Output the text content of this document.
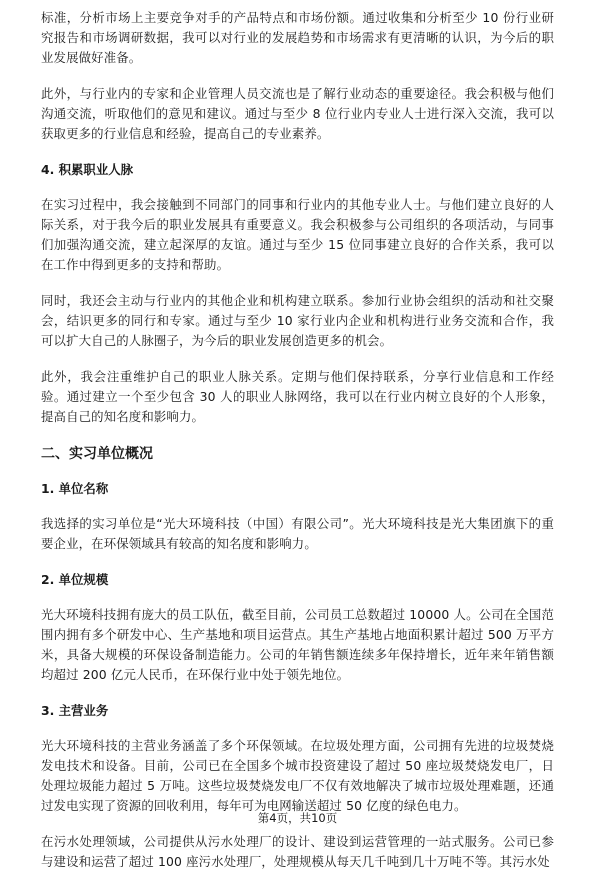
标准，分析市场上主要竞争对手的产品特点和市场份额。通过收集和分析至少 10 份行业研究报告和市场调研数据，我可以对行业的发展趋势和市场需求有更清晰的认识，为今后的职业发展做好准备。

此外，与行业内的专家和企业管理人员交流也是了解行业动态的重要途径。我会积极与他们沟通交流，听取他们的意见和建议。通过与至少 8 位行业内专业人士进行深入交流，我可以获取更多的行业信息和经验，提高自己的专业素养。

4. 积累职业人脉

在实习过程中，我会接触到不同部门的同事和行业内的其他专业人士。与他们建立良好的人际关系，对于我今后的职业发展具有重要意义。我会积极参与公司组织的各项活动，与同事们加强沟通交流，建立起深厚的友谊。通过与至少 15 位同事建立良好的合作关系，我可以在工作中得到更多的支持和帮助。

同时，我还会主动与行业内的其他企业和机构建立联系。参加行业协会组织的活动和社交聚会，结识更多的同行和专家。通过与至少 10 家行业内企业和机构进行业务交流和合作，我可以扩大自己的人脉圈子，为今后的职业发展创造更多的机会。

此外，我会注重维护自己的职业人脉关系。定期与他们保持联系，分享行业信息和工作经验。通过建立一个至少包含 30 人的职业人脉网络，我可以在行业内树立良好的个人形象，提高自己的知名度和影响力。

二、实习单位概况
1. 单位名称

我选择的实习单位是“光大环境科技（中国）有限公司”。光大环境科技是光大集团旗下的重要企业，在环保领域具有较高的知名度和影响力。

2. 单位规模

光大环境科技拥有庞大的员工队伍，截至目前，公司员工总数超过 10000 人。公司在全国范围内拥有多个研发中心、生产基地和项目运营点。其生产基地占地面积累计超过 500 万平方米，具备大规模的环保设备制造能力。公司的年销售额连续多年保持增长，近年来年销售额均超过 200 亿元人民币，在环保行业中处于领先地位。

3. 主营业务

光大环境科技的主营业务涵盖了多个环保领域。在垃圾处理方面，公司拥有先进的垃圾焚烧发电技术和设备。目前，公司已在全国多个城市投资建设了超过 50 座垃圾焚烧发电厂，日处理垃圾能力超过 5 万吨。这些垃圾焚烧发电厂不仅有效地解决了城市垃圾处理难题，还通过发电实现了资源的回收利用，每年可为电网输送超过 50 亿度的绿色电力。

在污水处理领域，公司提供从污水处理厂的设计、建设到运营管理的一站式服务。公司已参与建设和运营了超过 100 座污水处理厂，处理规模从每天几千吨到几十万吨不等。其污水处

第4页，共10页
